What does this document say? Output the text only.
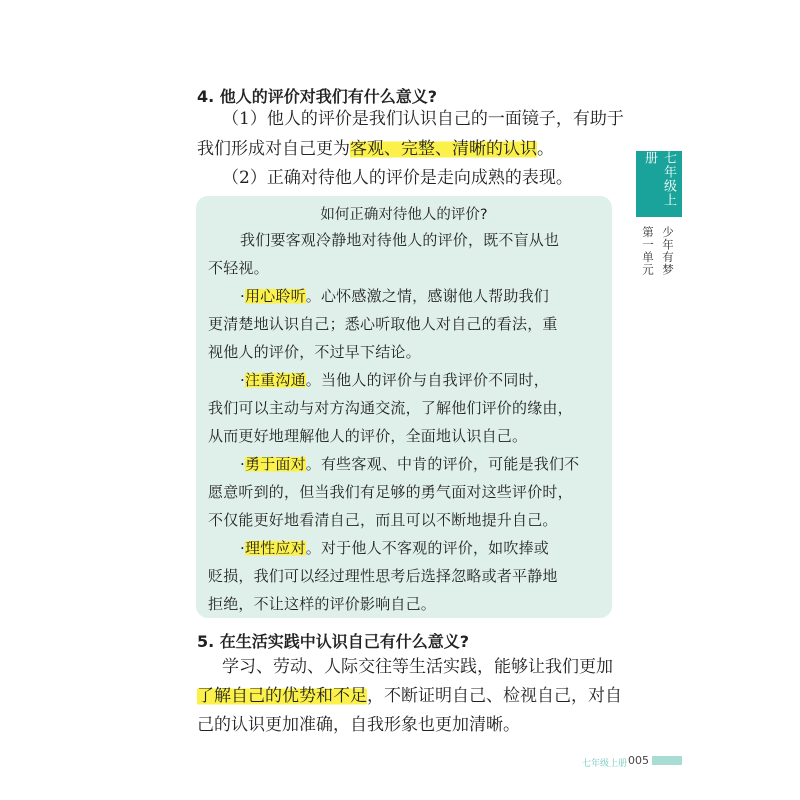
4. 他人的评价对我们有什么意义?
（1）他人的评价是我们认识自己的一面镜子，有助于
我们形成对自己更为客观、完整、清晰的认识。
（2）正确对待他人的评价是走向成熟的表现。
如何正确对待他人的评价?
我们要客观冷静地对待他人的评价，既不盲从也
不轻视。
·用心聆听。心怀感激之情，感谢他人帮助我们
更清楚地认识自己；悉心听取他人对自己的看法，重
视他人的评价，不过早下结论。
·注重沟通。当他人的评价与自我评价不同时，
我们可以主动与对方沟通交流，了解他们评价的缘由，
从而更好地理解他人的评价，全面地认识自己。
·勇于面对。有些客观、中肯的评价，可能是我们不
愿意听到的，但当我们有足够的勇气面对这些评价时，
不仅能更好地看清自己，而且可以不断地提升自己。
·理性应对。对于他人不客观的评价，如吹捧或
贬损，我们可以经过理性思考后选择忽略或者平静地
拒绝，不让这样的评价影响自己。
5. 在生活实践中认识自己有什么意义?
学习、劳动、人际交往等生活实践，能够让我们更加
了解自己的优势和不足，不断证明自己、检视自己，对自
己的认识更加准确，自我形象也更加清晰。
七年级上册
第一单元 少年有梦
七年级上册 005
